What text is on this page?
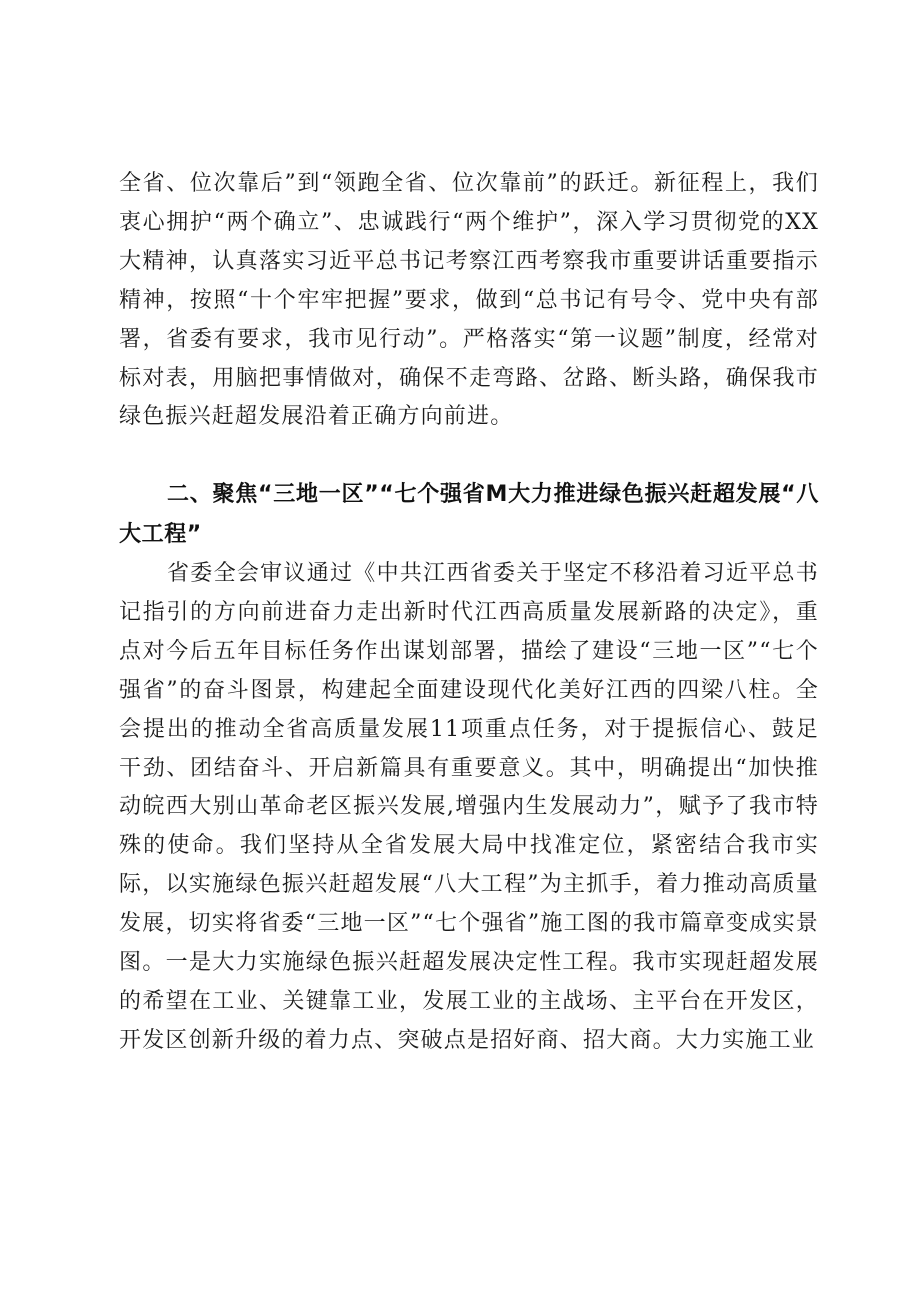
全省、位次靠后”到“领跑全省、位次靠前”的跃迁。新征程上，我们衷心拥护“两个确立”、忠诚践行“两个维护”，深入学习贯彻党的XX大精神，认真落实习近平总书记考察江西考察我市重要讲话重要指示精神，按照“十个牢牢把握”要求，做到“总书记有号令、党中央有部署，省委有要求，我市见行动”。严格落实“第一议题”制度，经常对标对表，用脑把事情做对，确保不走弯路、岔路、断头路，确保我市绿色振兴赶超发展沿着正确方向前进。

二、聚焦“三地一区”“七个强省M大力推进绿色振兴赶超发展“八大工程”

省委全会审议通过《中共江西省委关于坚定不移沿着习近平总书记指引的方向前进奋力走出新时代江西高质量发展新路的决定》，重点对今后五年目标任务作出谋划部署，描绘了建设“三地一区”“七个强省”的奋斗图景，构建起全面建设现代化美好江西的四梁八柱。全会提出的推动全省高质量发展11项重点任务，对于提振信心、鼓足干劲、团结奋斗、开启新篇具有重要意义。其中，明确提出“加快推动皖西大别山革命老区振兴发展,增强内生发展动力”，赋予了我市特殊的使命。我们坚持从全省发展大局中找准定位，紧密结合我市实际，以实施绿色振兴赶超发展“八大工程”为主抓手，着力推动高质量发展，切实将省委“三地一区”“七个强省”施工图的我市篇章变成实景图。一是大力实施绿色振兴赶超发展决定性工程。我市实现赶超发展的希望在工业、关键靠工业，发展工业的主战场、主平台在开发区，开发区创新升级的着力点、突破点是招好商、招大商。大力实施工业
